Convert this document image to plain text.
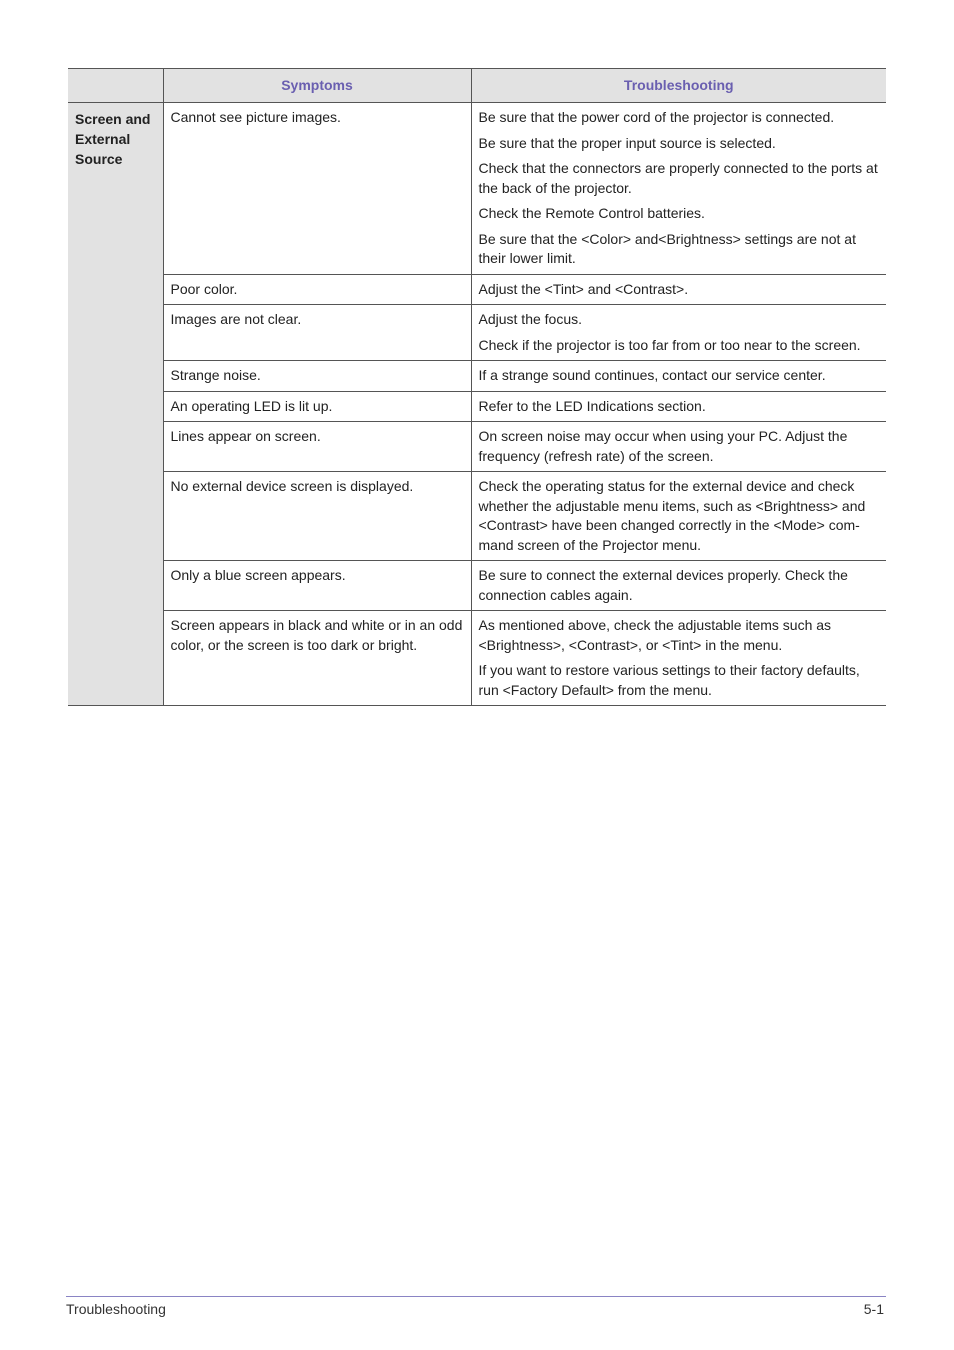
	Symptoms	Troubleshooting
Screen and External Source	Cannot see picture images.	Be sure that the power cord of the projector is connected.
Be sure that the proper input source is selected.
Check that the connectors are properly connected to the ports at the back of the projector.
Check the Remote Control batteries.
Be sure that the <Color> and<Brightness> settings are not at their lower limit.

	Poor color.	Adjust the <Tint> and <Contrast>.

	Images are not clear.	Adjust the focus.
Check if the projector is too far from or too near to the screen.

	Strange noise.	If a strange sound continues, contact our service center.

	An operating LED is lit up.	Refer to the LED Indications section.

	Lines appear on screen.	On screen noise may occur when using your PC. Adjust the frequency (refresh rate) of the screen.

	No external device screen is displayed.	Check the operating status for the external device and check whether the adjustable menu items, such as <Brightness> and <Contrast> have been changed correctly in the <Mode> com-mand screen of the Projector menu.

	Only a blue screen appears.	Be sure to connect the external devices properly. Check the connection cables again.

	Screen appears in black and white or in an odd color, or the screen is too dark or bright.	As mentioned above, check the adjustable items such as <Brightness>, <Contrast>, or <Tint> in the menu.
If you want to restore various settings to their factory defaults, run <Factory Default> from the menu.
Troubleshooting	5-1
